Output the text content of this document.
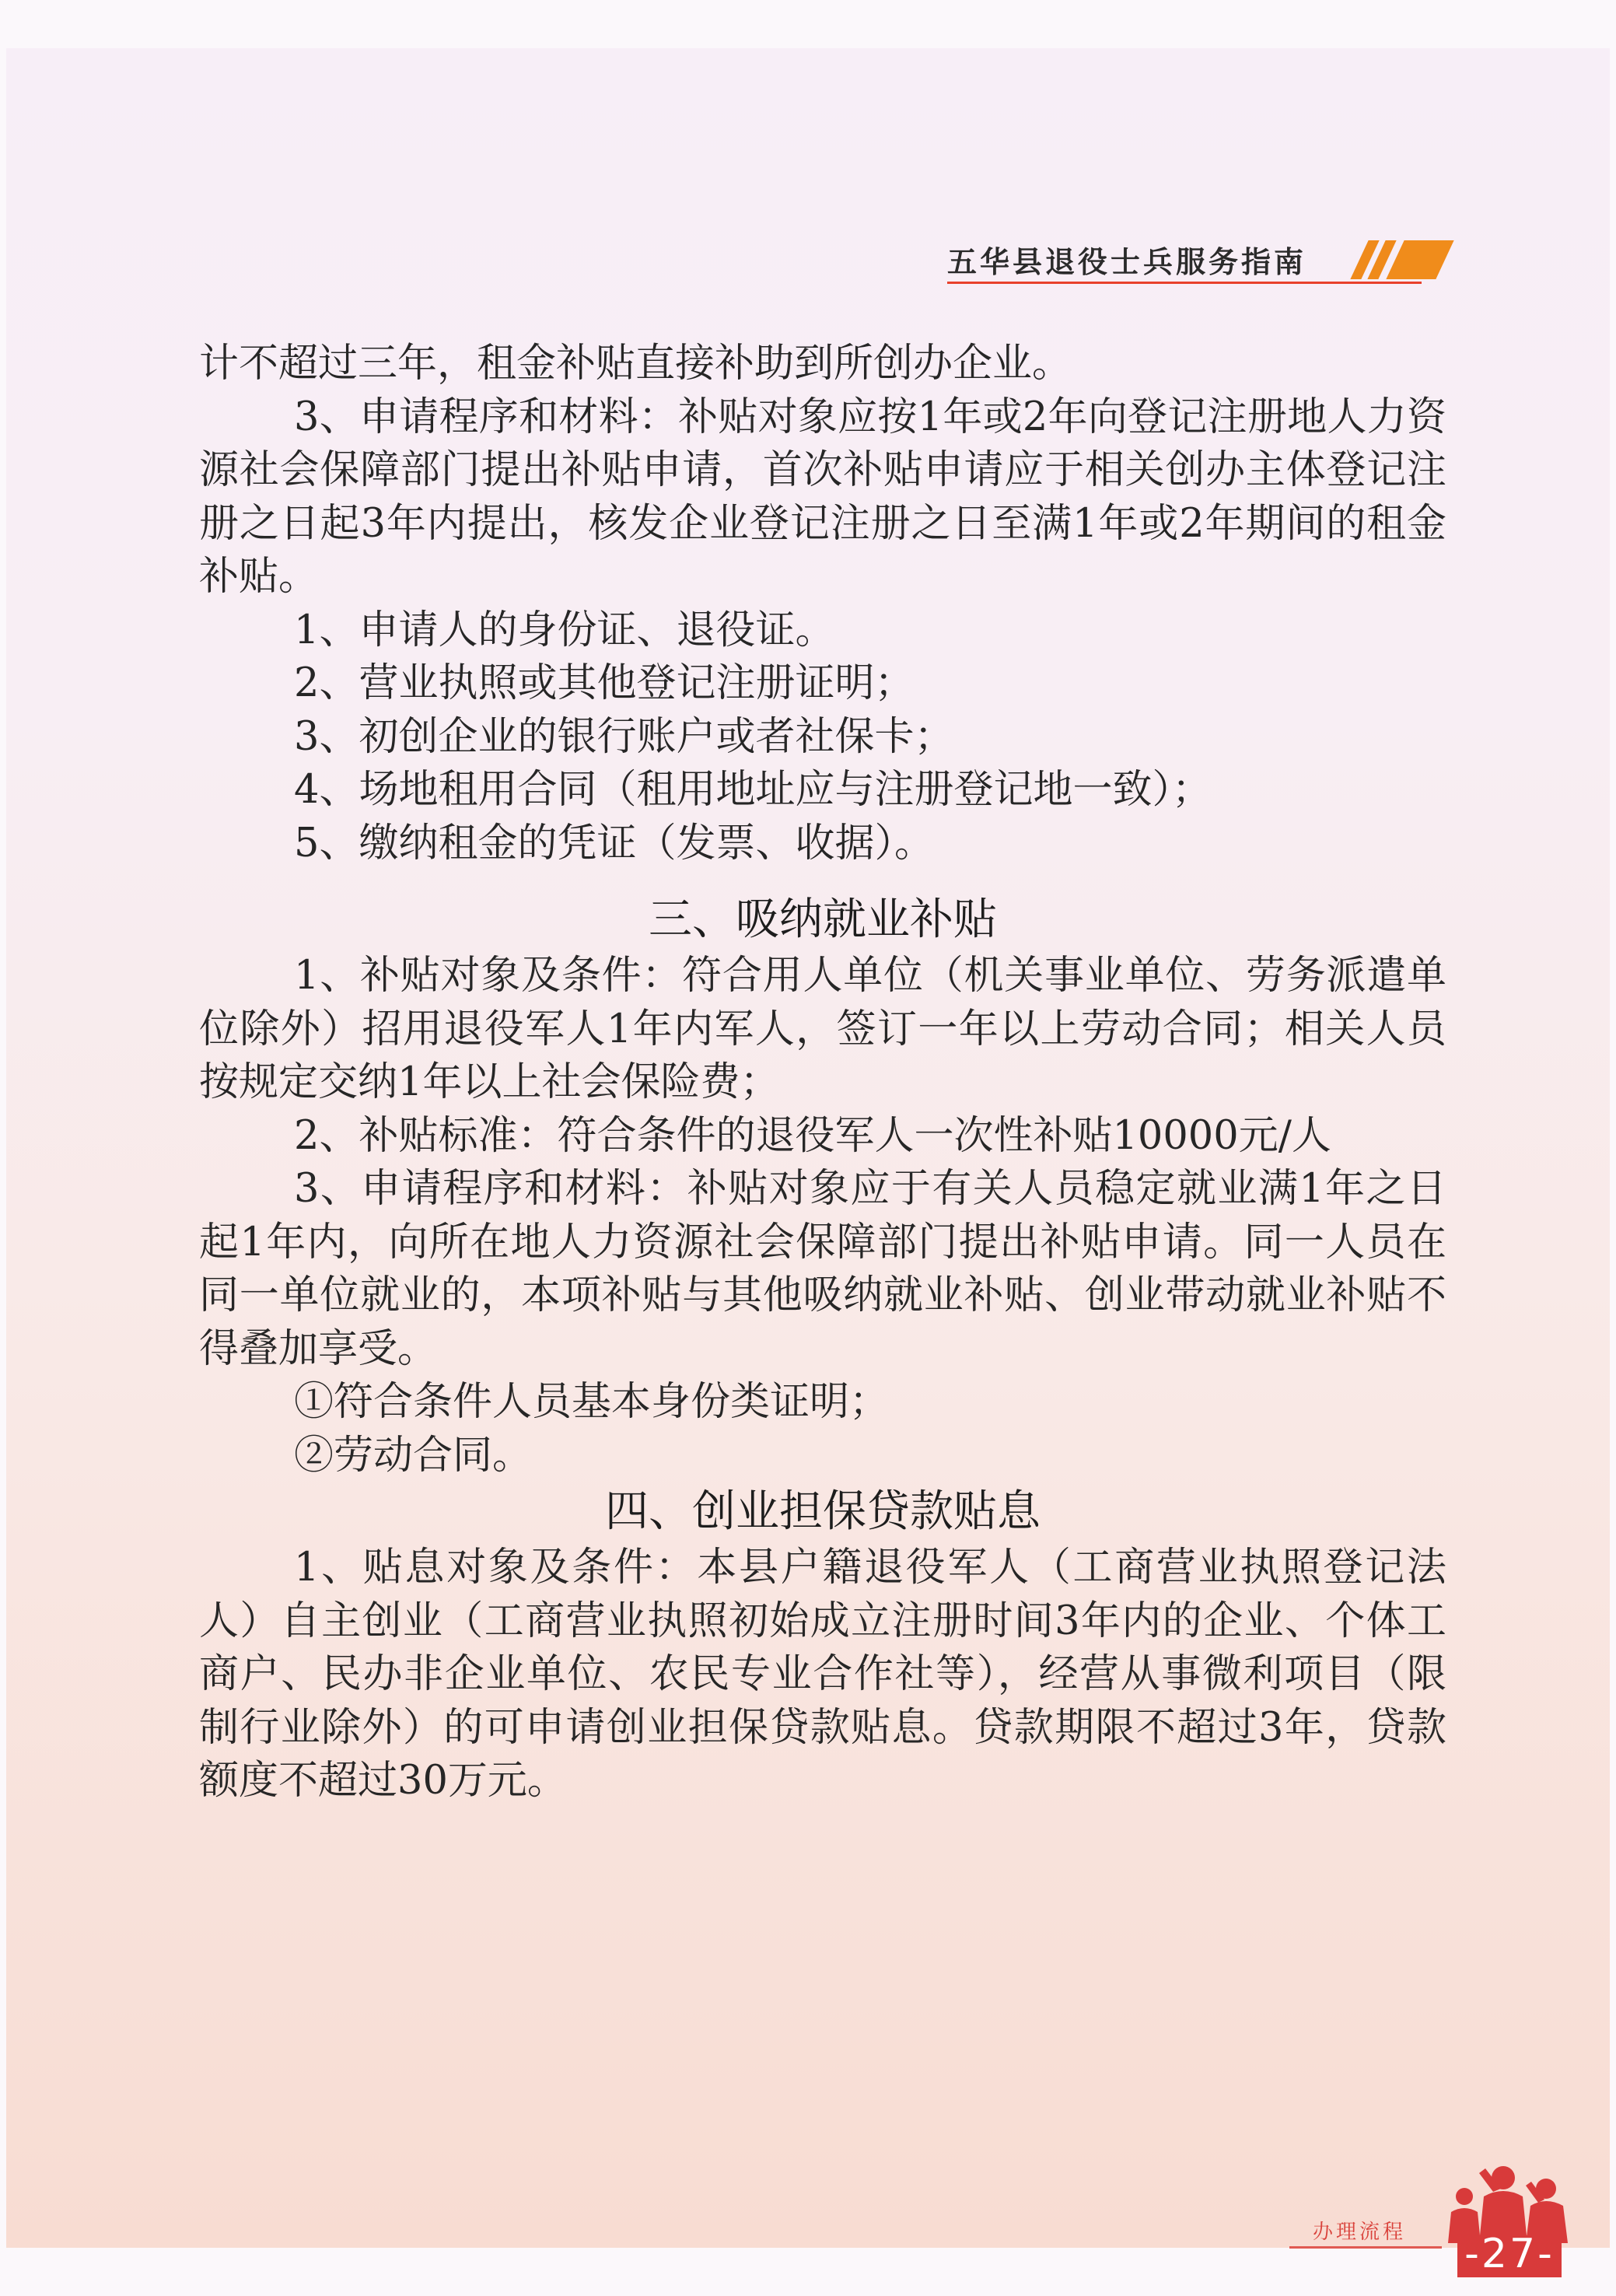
五华县退役士兵服务指南

计不超过三年，租金补贴直接补助到所创办企业。

3、申请程序和材料：补贴对象应按1年或2年向登记注册地人力资源社会保障部门提出补贴申请，首次补贴申请应于相关创办主体登记注册之日起3年内提出，核发企业登记注册之日至满1年或2年期间的租金补贴。

1、申请人的身份证、退役证。

2、营业执照或其他登记注册证明；

3、初创企业的银行账户或者社保卡；

4、场地租用合同（租用地址应与注册登记地一致）；

5、缴纳租金的凭证（发票、收据）。

三、吸纳就业补贴

1、补贴对象及条件：符合用人单位（机关事业单位、劳务派遣单位除外）招用退役军人1年内军人，签订一年以上劳动合同；相关人员按规定交纳1年以上社会保险费；

2、补贴标准：符合条件的退役军人一次性补贴10000元/人

3、申请程序和材料：补贴对象应于有关人员稳定就业满1年之日起1年内，向所在地人力资源社会保障部门提出补贴申请。同一人员在同一单位就业的，本项补贴与其他吸纳就业补贴、创业带动就业补贴不得叠加享受。

①符合条件人员基本身份类证明；

②劳动合同。

四、创业担保贷款贴息

1、贴息对象及条件：本县户籍退役军人（工商营业执照登记法人）自主创业（工商营业执照初始成立注册时间3年内的企业、个体工商户、民办非企业单位、农民专业合作社等），经营从事微利项目（限制行业除外）的可申请创业担保贷款贴息。贷款期限不超过3年，贷款额度不超过30万元。

办理流程 -27-
